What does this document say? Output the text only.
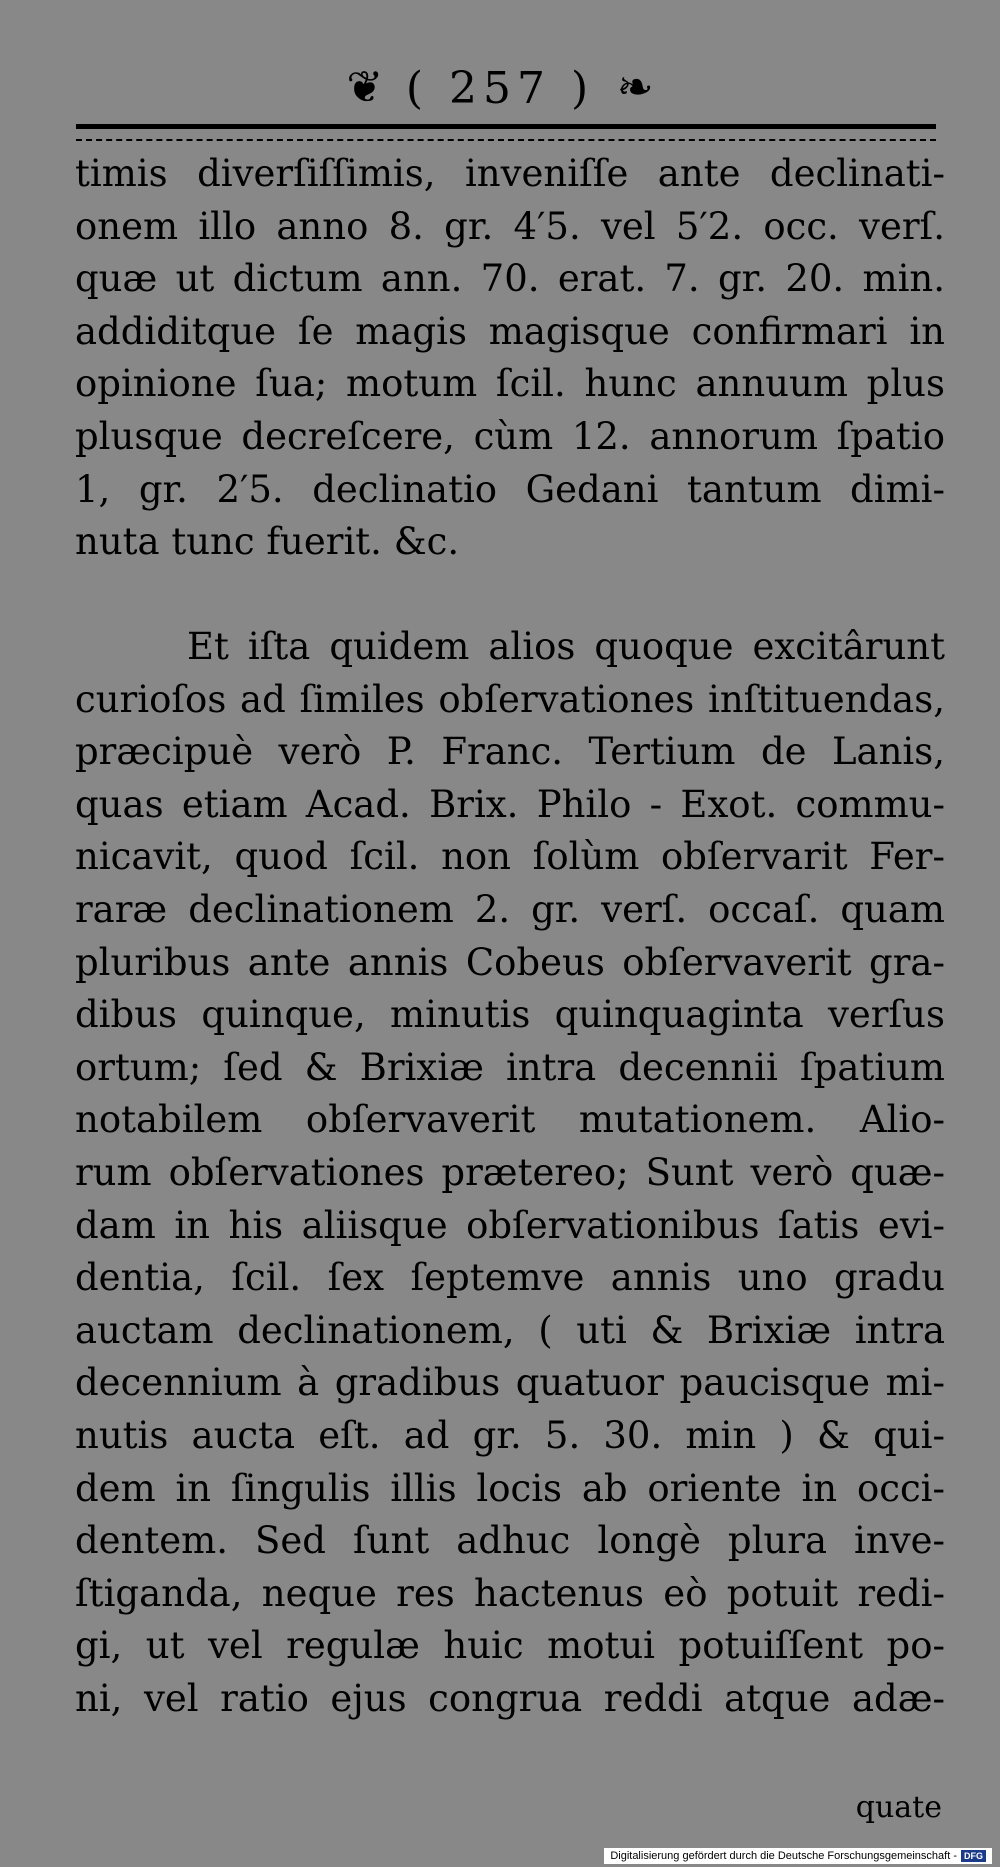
❦ ( 257 ) ❧
timis diverſiſſimis, inveniſſe ante declinati-
onem illo anno 8. gr. 4′5. vel 5′2. occ. verſ.
quæ ut dictum ann. 70. erat. 7. gr. 20. min.
addiditque ſe magis magisque confirmari in
opinione ſua; motum ſcil. hunc annuum plus
plusque decreſcere, cùm 12. annorum ſpatio
1, gr. 2′5. declinatio Gedani tantum dimi-
nuta tunc fuerit. &c.
Et iſta quidem alios quoque excitârunt
curioſos ad ſimiles obſervationes inſtituendas,
præcipuè verò P. Franc. Tertium de Lanis,
quas etiam Acad. Brix. Philo - Exot. commu-
nicavit, quod ſcil. non ſolùm obſervarit Fer-
raræ declinationem 2. gr. verſ. occaſ. quam
pluribus ante annis Cobeus obſervaverit gra-
dibus quinque, minutis quinquaginta verſus
ortum; ſed & Brixiæ intra decennii ſpatium
notabilem obſervaverit mutationem. Alio-
rum obſervationes prætereo; Sunt verò quæ-
dam in his aliisque obſervationibus ſatis evi-
dentia, ſcil. ſex ſeptemve annis uno gradu
auctam declinationem, ( uti & Brixiæ intra
decennium à gradibus quatuor paucisque mi-
nutis aucta eſt. ad gr. 5. 30. min ) & qui-
dem in ſingulis illis locis ab oriente in occi-
dentem. Sed ſunt adhuc longè plura inve-
ſtiganda, neque res hactenus eò potuit redi-
gi, ut vel regulæ huic motui potuiſſent po-
ni, vel ratio ejus congrua reddi atque adæ-
quate
Digitalisierung gefördert durch die Deutsche Forschungsgemeinschaft - DFG
